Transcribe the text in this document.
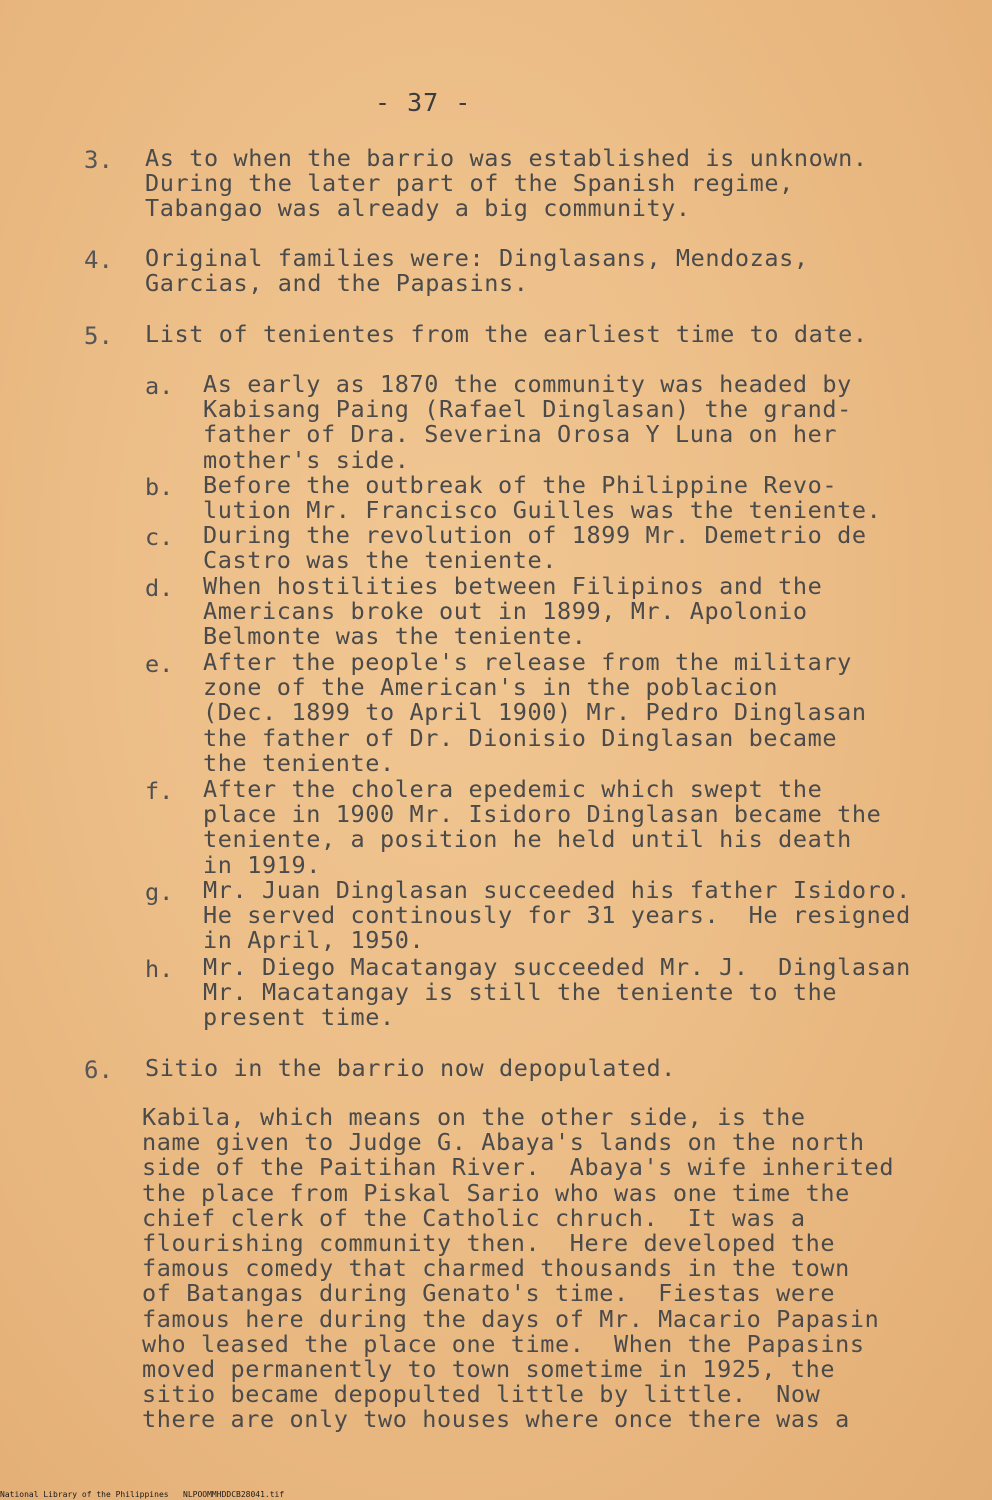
- 37 -
3. As to when the barrio was established is unknown.
During the later part of the Spanish regime,
Tabangao was already a big community.
4. Original families were: Dinglasans, Mendozas,
Garcias, and the Papasins.
5. List of tenientes from the earliest time to date.
a. As early as 1870 the community was headed by
Kabisang Paing (Rafael Dinglasan) the grand-
father of Dra. Severina Orosa Y Luna on her
mother's side.
b. Before the outbreak of the Philippine Revo-
lution Mr. Francisco Guilles was the teniente.
c. During the revolution of 1899 Mr. Demetrio de
Castro was the teniente.
d. When hostilities between Filipinos and the
Americans broke out in 1899, Mr. Apolonio
Belmonte was the teniente.
e. After the people's release from the military
zone of the American's in the poblacion
(Dec. 1899 to April 1900) Mr. Pedro Dinglasan
the father of Dr. Dionisio Dinglasan became
the teniente.
f. After the cholera epedemic which swept the
place in 1900 Mr. Isidoro Dinglasan became the
teniente, a position he held until his death
in 1919.
g. Mr. Juan Dinglasan succeeded his father Isidoro.
He served continously for 31 years.  He resigned
in April, 1950.
h. Mr. Diego Macatangay succeeded Mr. J.  Dinglasan
Mr. Macatangay is still the teniente to the
present time.
6. Sitio in the barrio now depopulated.
Kabila, which means on the other side, is the
name given to Judge G. Abaya's lands on the north
side of the Paitihan River.  Abaya's wife inherited
the place from Piskal Sario who was one time the
chief clerk of the Catholic chruch.  It was a
flourishing community then.  Here developed the
famous comedy that charmed thousands in the town
of Batangas during Genato's time.  Fiestas were
famous here during the days of Mr. Macario Papasin
who leased the place one time.  When the Papasins
moved permanently to town sometime in 1925, the
sitio became depopulted little by little.  Now
there are only two houses where once there was a
National Library of the Philippines NLPOOMMHDDCB28041.tif
